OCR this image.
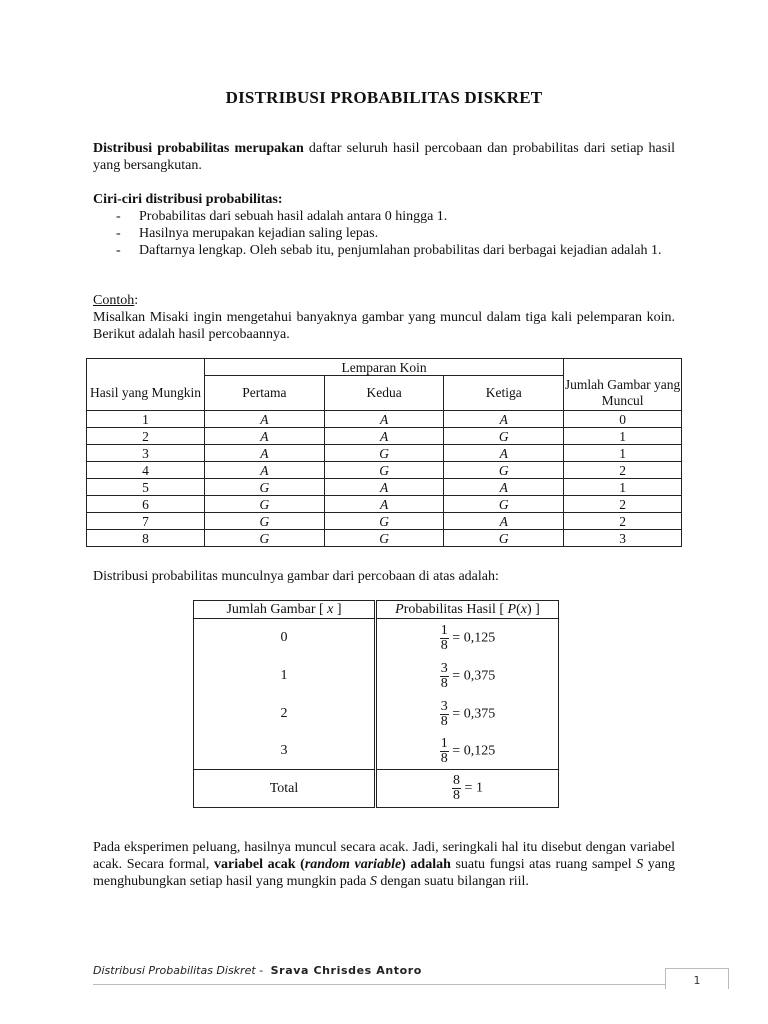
DISTRIBUSI PROBABILITAS DISKRET
Distribusi probabilitas merupakan daftar seluruh hasil percobaan dan probabilitas dari setiap hasil yang bersangkutan.
Ciri-ciri distribusi probabilitas:
- Probabilitas dari sebuah hasil adalah antara 0 hingga 1.
- Hasilnya merupakan kejadian saling lepas.
- Daftarnya lengkap. Oleh sebab itu, penjumlahan probabilitas dari berbagai kejadian adalah 1.
Contoh:
Misalkan Misaki ingin mengetahui banyaknya gambar yang muncul dalam tiga kali pelemparan koin. Berikut adalah hasil percobaannya.
	Lemparan Koin			
Hasil yang Mungkin	Pertama	Kedua	Ketiga	Jumlah Gambar yang Muncul
1	A	A	A	0
2	A	A	G	1
3	A	G	A	1
4	A	G	G	2
5	G	A	A	1
6	G	A	G	2
7	G	G	A	2
8	G	G	G	3
Distribusi probabilitas munculnya gambar dari percobaan di atas adalah:
Jumlah Gambar [ x ]	Probabilitas Hasil [ P(x) ]
0	$\frac{1}{8} = 0,125$
1	$\frac{3}{8} = 0,375$
2	$\frac{3}{8} = 0,375$
3	$\frac{1}{8} = 0,125$
Total	$\frac{8}{8} = 1$
Pada eksperimen peluang, hasilnya muncul secara acak. Jadi, seringkali hal itu disebut dengan variabel acak. Secara formal, variabel acak (random variable) adalah suatu fungsi atas ruang sampel S yang menghubungkan setiap hasil yang mungkin pada S dengan suatu bilangan riil.
Distribusi Probabilitas Diskret - Srava Chrisdes Antoro
1
